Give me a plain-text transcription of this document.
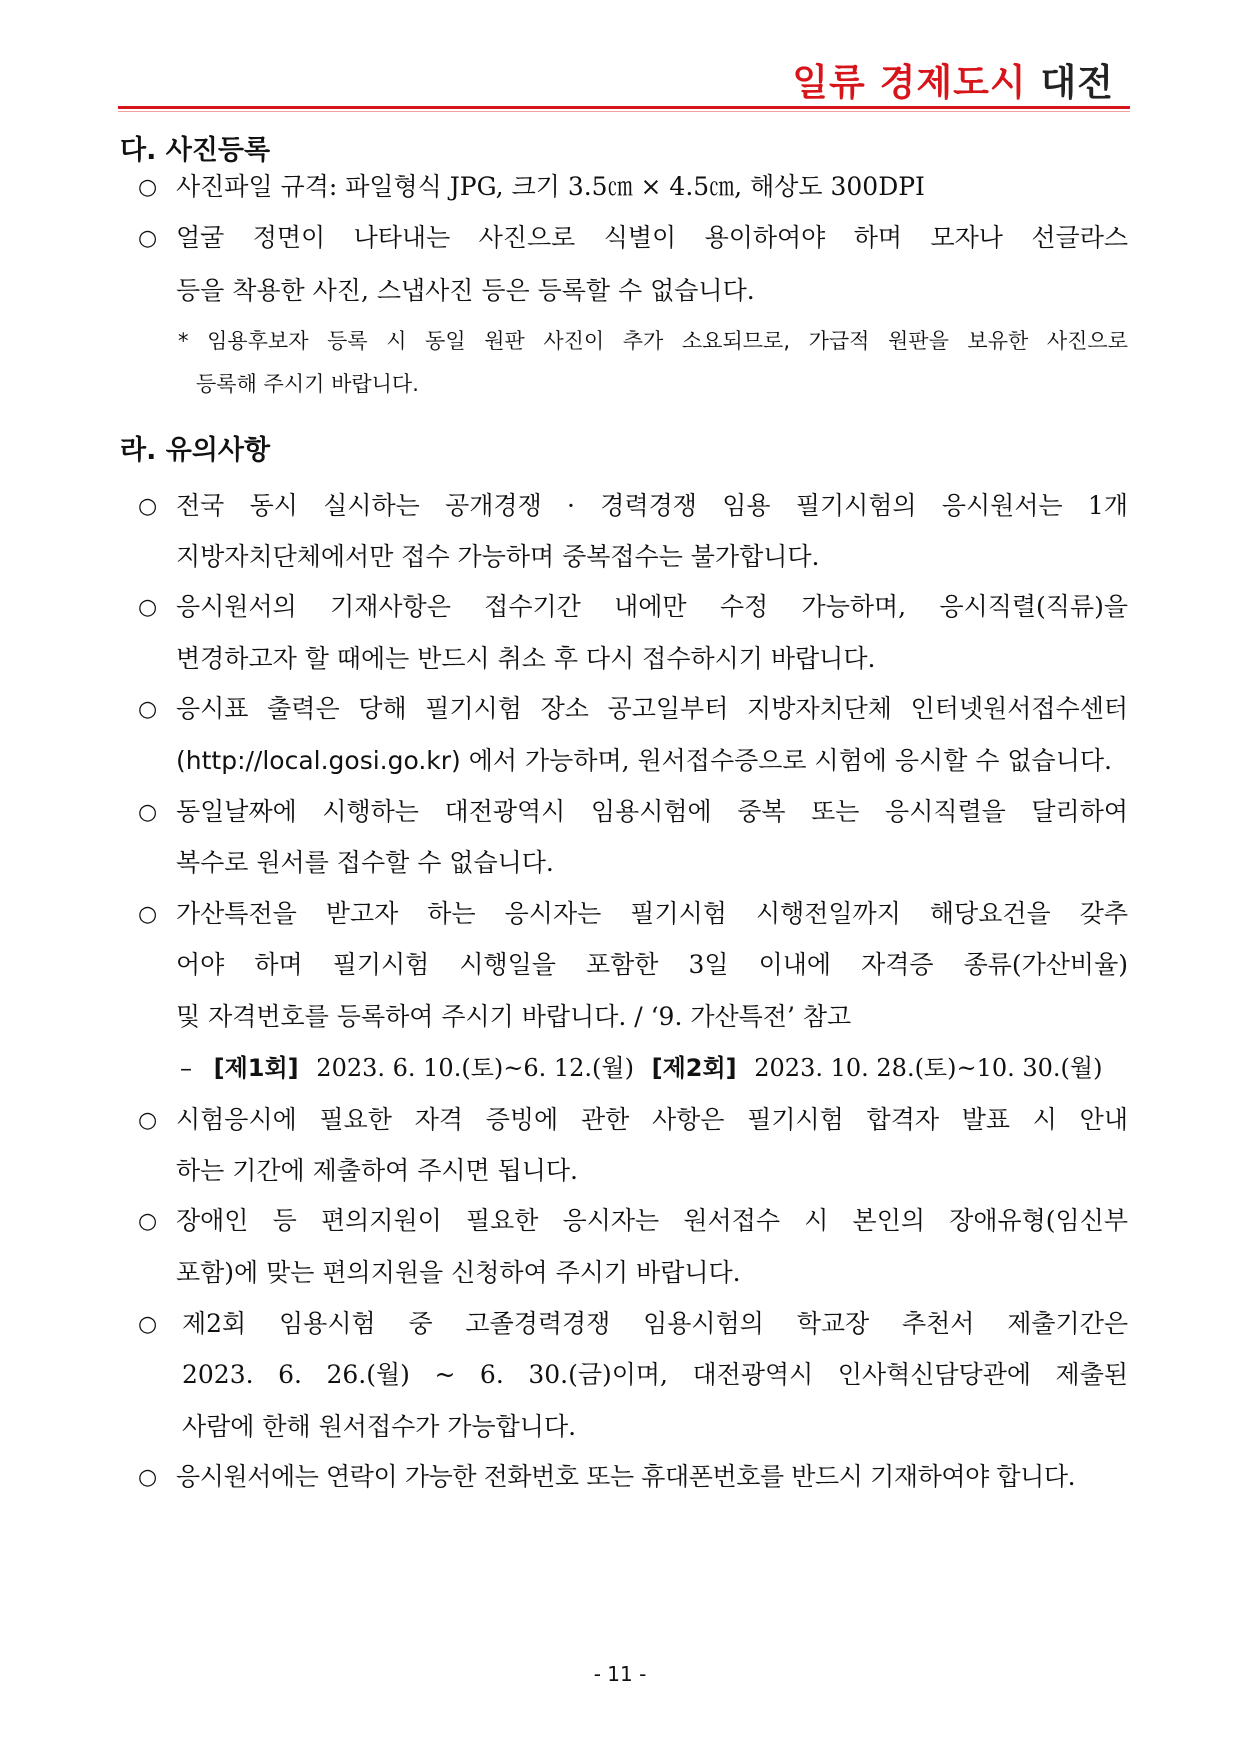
일류 경제도시 대전
다. 사진등록
○ 사진파일 규격: 파일형식 JPG, 크기 3.5㎝ × 4.5㎝, 해상도 300DPI
○ 얼굴 정면이 나타내는 사진으로 식별이 용이하여야 하며 모자나 선글라스
등을 착용한 사진, 스냅사진 등은 등록할 수 없습니다.
* 임용후보자 등록 시 동일 원판 사진이 추가 소요되므로, 가급적 원판을 보유한 사진으로
등록해 주시기 바랍니다.
라. 유의사항
○ 전국 동시 실시하는 공개경쟁 · 경력경쟁 임용 필기시험의 응시원서는 1개
지방자치단체에서만 접수 가능하며 중복접수는 불가합니다.
○ 응시원서의 기재사항은 접수기간 내에만 수정 가능하며, 응시직렬(직류)을
변경하고자 할 때에는 반드시 취소 후 다시 접수하시기 바랍니다.
○ 응시표 출력은 당해 필기시험 장소 공고일부터 지방자치단체 인터넷원서접수센터
(http://local.gosi.go.kr) 에서 가능하며, 원서접수증으로 시험에 응시할 수 없습니다.
○ 동일날짜에 시행하는 대전광역시 임용시험에 중복 또는 응시직렬을 달리하여
복수로 원서를 접수할 수 없습니다.
○ 가산특전을 받고자 하는 응시자는 필기시험 시행전일까지 해당요건을 갖추
어야 하며 필기시험 시행일을 포함한 3일 이내에 자격증 종류(가산비율)
및 자격번호를 등록하여 주시기 바랍니다. / ‘9. 가산특전’ 참고
– [제1회] 2023. 6. 10.(토)~6. 12.(월) [제2회] 2023. 10. 28.(토)~10. 30.(월)
○ 시험응시에 필요한 자격 증빙에 관한 사항은 필기시험 합격자 발표 시 안내
하는 기간에 제출하여 주시면 됩니다.
○ 장애인 등 편의지원이 필요한 응시자는 원서접수 시 본인의 장애유형(임신부
포함)에 맞는 편의지원을 신청하여 주시기 바랍니다.
○ 제2회 임용시험 중 고졸경력경쟁 임용시험의 학교장 추천서 제출기간은
2023. 6. 26.(월) ~ 6. 30.(금)이며, 대전광역시 인사혁신담당관에 제출된
사람에 한해 원서접수가 가능합니다.
○ 응시원서에는 연락이 가능한 전화번호 또는 휴대폰번호를 반드시 기재하여야 합니다.
- 11 -
